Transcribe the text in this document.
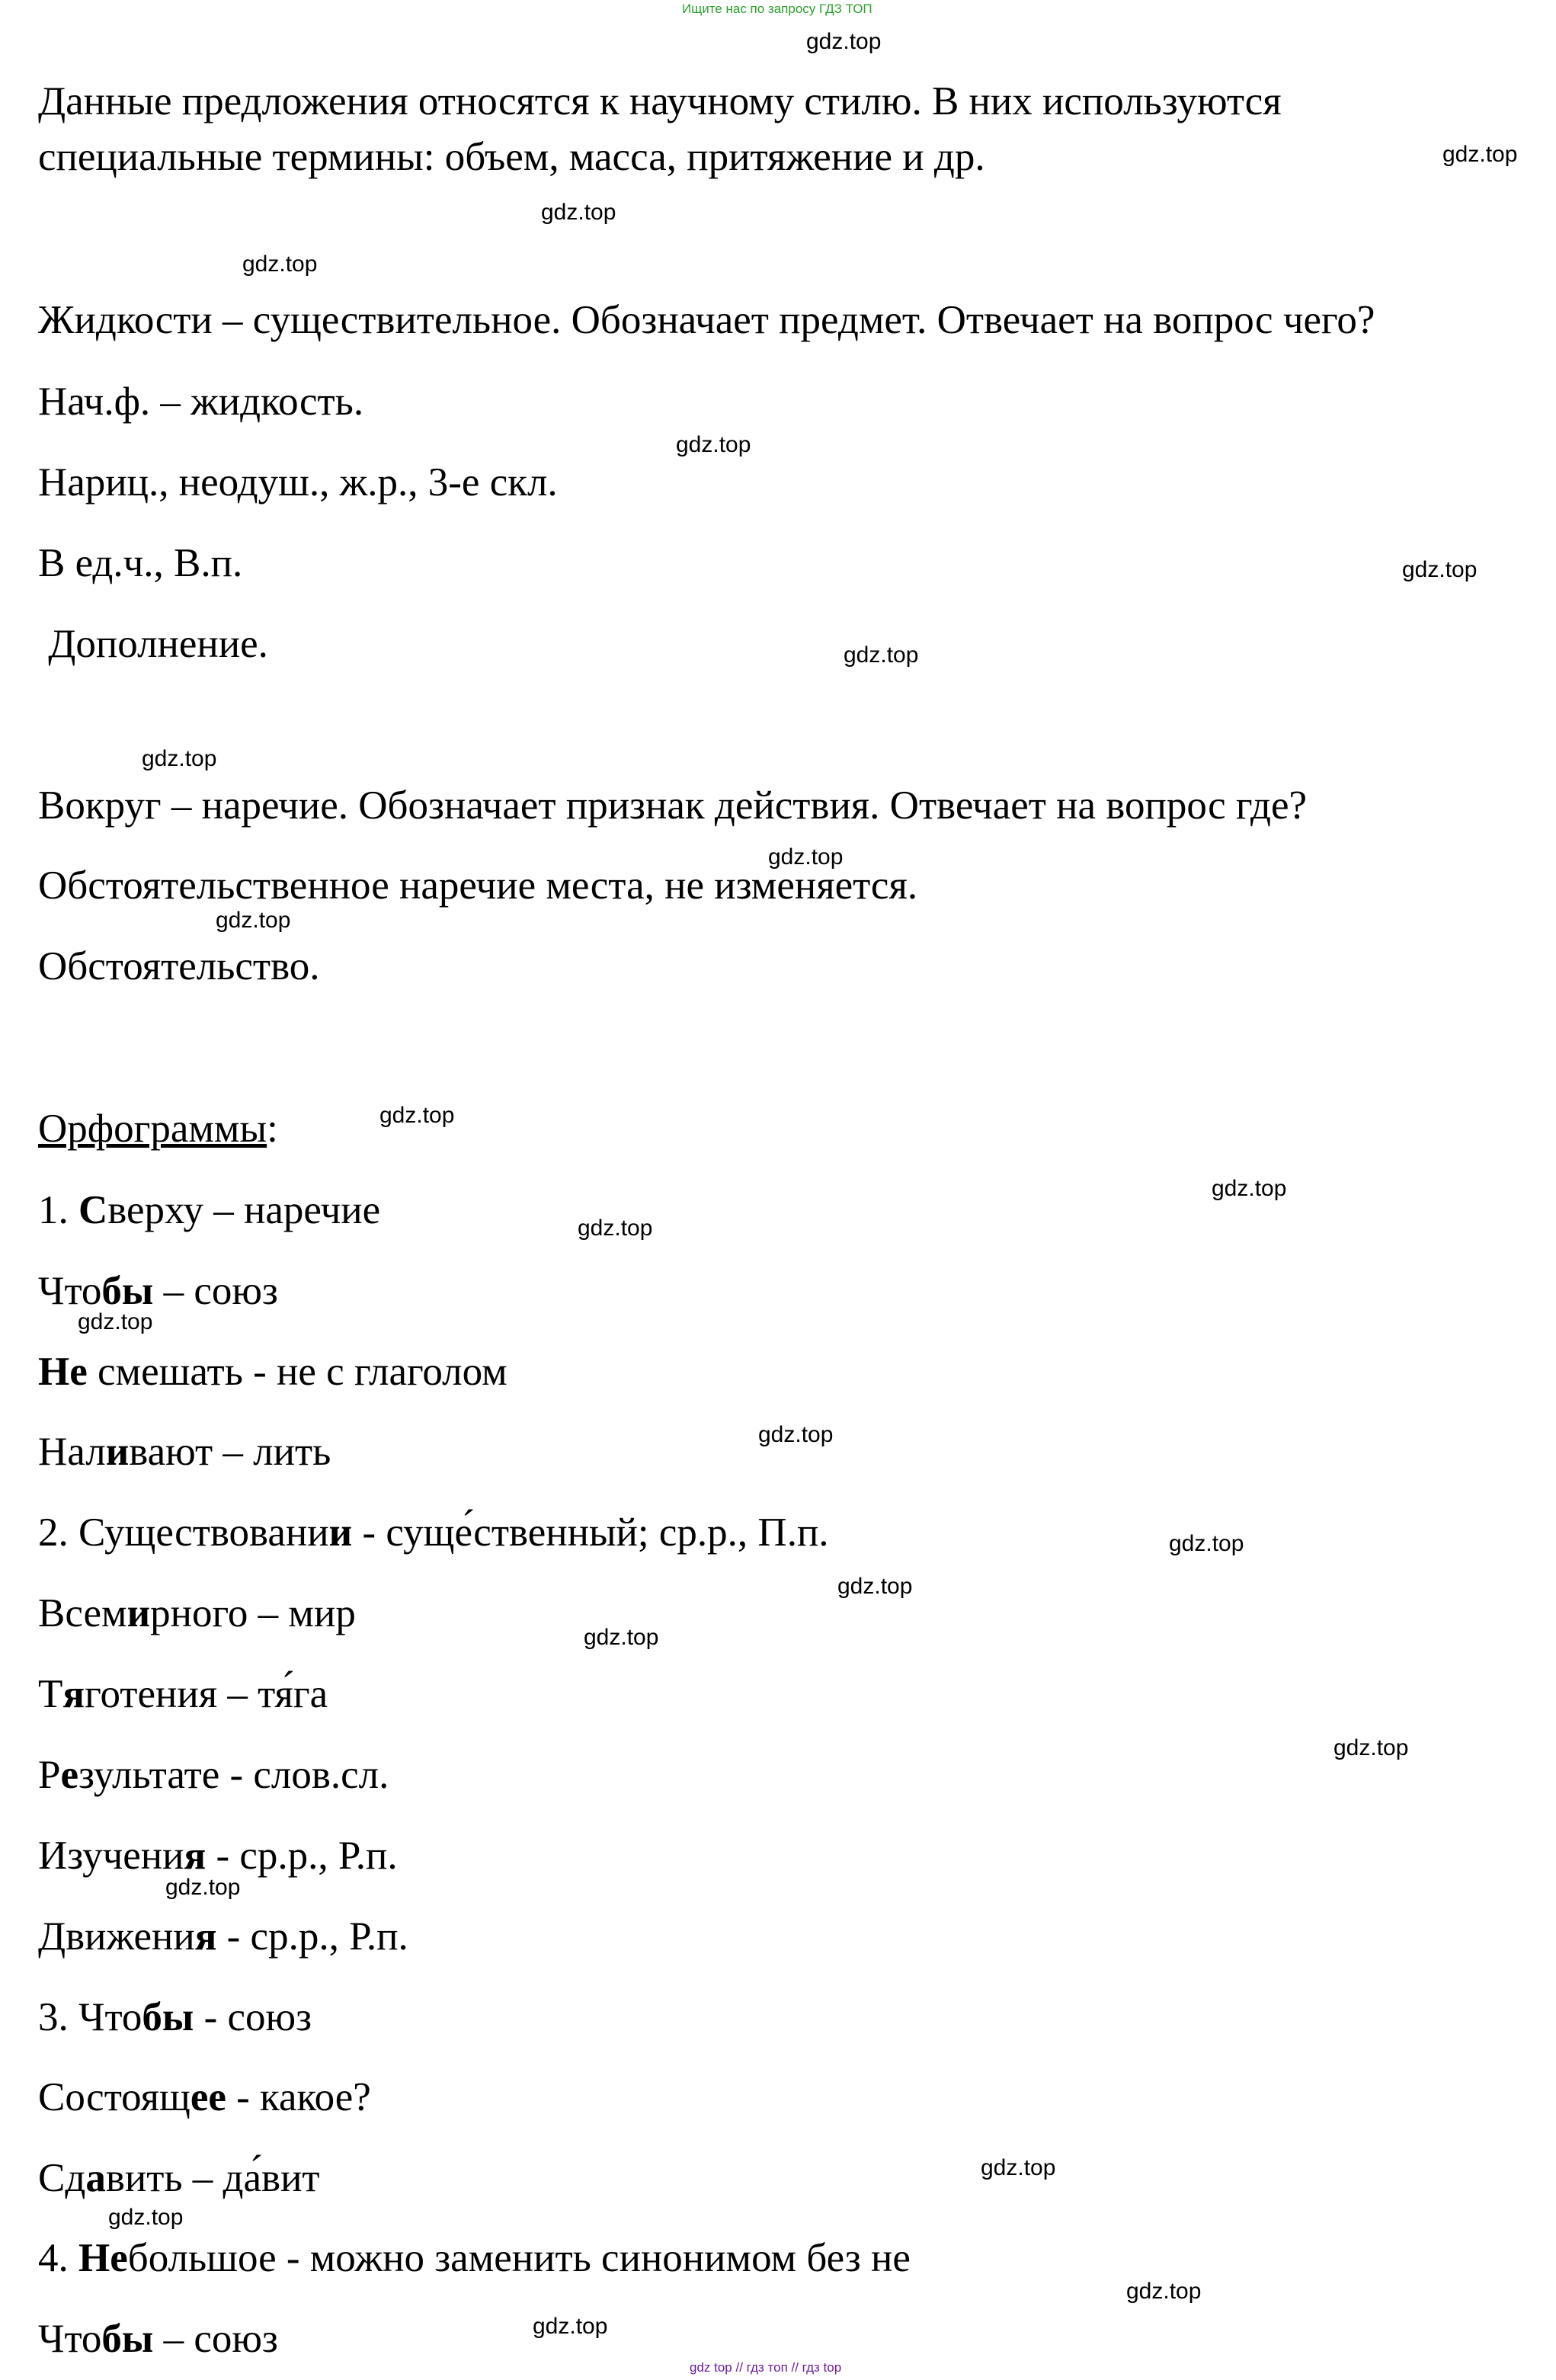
Ищите нас по запросу ГДЗ ТОП
gdz top // гдз топ // гдз top
Данные предложения относятся к научному стилю. В них используются
специальные термины: объем, масса, притяжение и др.
Жидкости – существительное. Обозначает предмет. Отвечает на вопрос чего?
Нач.ф. – жидкость.
Нариц., неодуш., ж.р., 3-е скл.
В ед.ч., В.п.
Дополнение.
Вокруг – наречие. Обозначает признак действия. Отвечает на вопрос где?
Обстоятельственное наречие места, не изменяется.
Обстоятельство.
Орфограммы:
1. Сверху – наречие
Чтобы – союз
Не смешать - не с глаголом
Наливают – лить
2. Существовании - суще́ственный; ср.р., П.п.
Всемирного – мир
Тяготения – тя́га
Результате - слов.сл.
Изучения - ср.р., Р.п.
Движения - ср.р., Р.п.
3. Чтобы - союз
Состоящее - какое?
Сдавить – да́вит
4. Небольшое - можно заменить синонимом без не
Чтобы – союз
gdz.top
gdz.top
gdz.top
gdz.top
gdz.top
gdz.top
gdz.top
gdz.top
gdz.top
gdz.top
gdz.top
gdz.top
gdz.top
gdz.top
gdz.top
gdz.top
gdz.top
gdz.top
gdz.top
gdz.top
gdz.top
gdz.top
gdz.top
gdz.top
